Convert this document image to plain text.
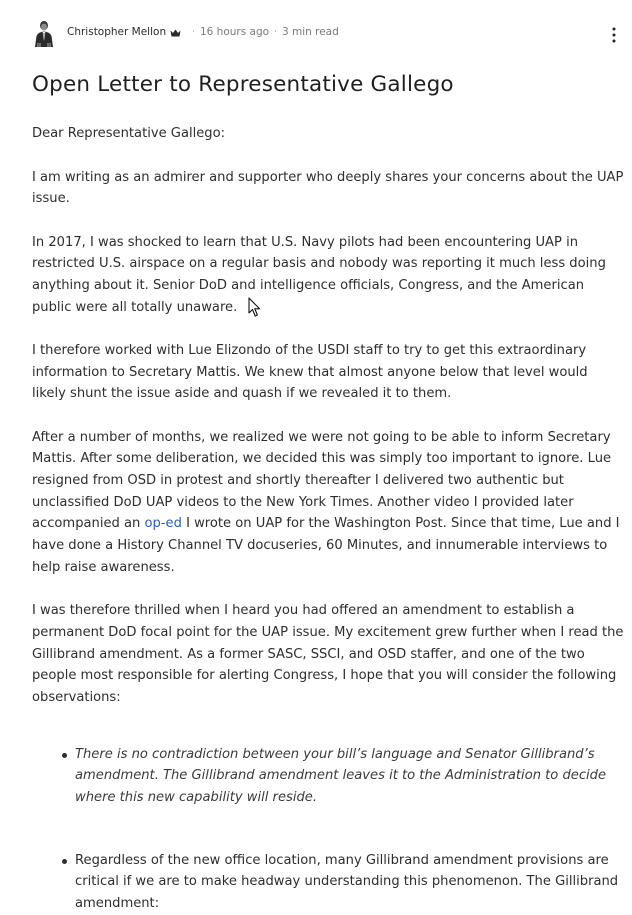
Christopher Mellon	· 16 hours ago · 3 min read
Open Letter to Representative Gallego

Dear Representative Gallego:

I am writing as an admirer and supporter who deeply shares your concerns about the UAP issue.

In 2017, I was shocked to learn that U.S. Navy pilots had been encountering UAP in restricted U.S. airspace on a regular basis and nobody was reporting it much less doing anything about it. Senior DoD and intelligence officials, Congress, and the American public were all totally unaware.

I therefore worked with Lue Elizondo of the USDI staff to try to get this extraordinary information to Secretary Mattis. We knew that almost anyone below that level would likely shunt the issue aside and quash if we revealed it to them.

After a number of months, we realized we were not going to be able to inform Secretary Mattis. After some deliberation, we decided this was simply too important to ignore. Lue resigned from OSD in protest and shortly thereafter I delivered two authentic but unclassified DoD UAP videos to the New York Times. Another video I provided later accompanied an op-ed I wrote on UAP for the Washington Post. Since that time, Lue and I have done a History Channel TV docuseries, 60 Minutes, and innumerable interviews to help raise awareness.

I was therefore thrilled when I heard you had offered an amendment to establish a permanent DoD focal point for the UAP issue. My excitement grew further when I read the Gillibrand amendment. As a former SASC, SSCI, and OSD staffer, and one of the two people most responsible for alerting Congress, I hope that you will consider the following observations:

There is no contradiction between your bill’s language and Senator Gillibrand’s amendment. The Gillibrand amendment leaves it to the Administration to decide where this new capability will reside.
Regardless of the new office location, many Gillibrand amendment provisions are critical if we are to make headway understanding this phenomenon. The Gillibrand amendment:
